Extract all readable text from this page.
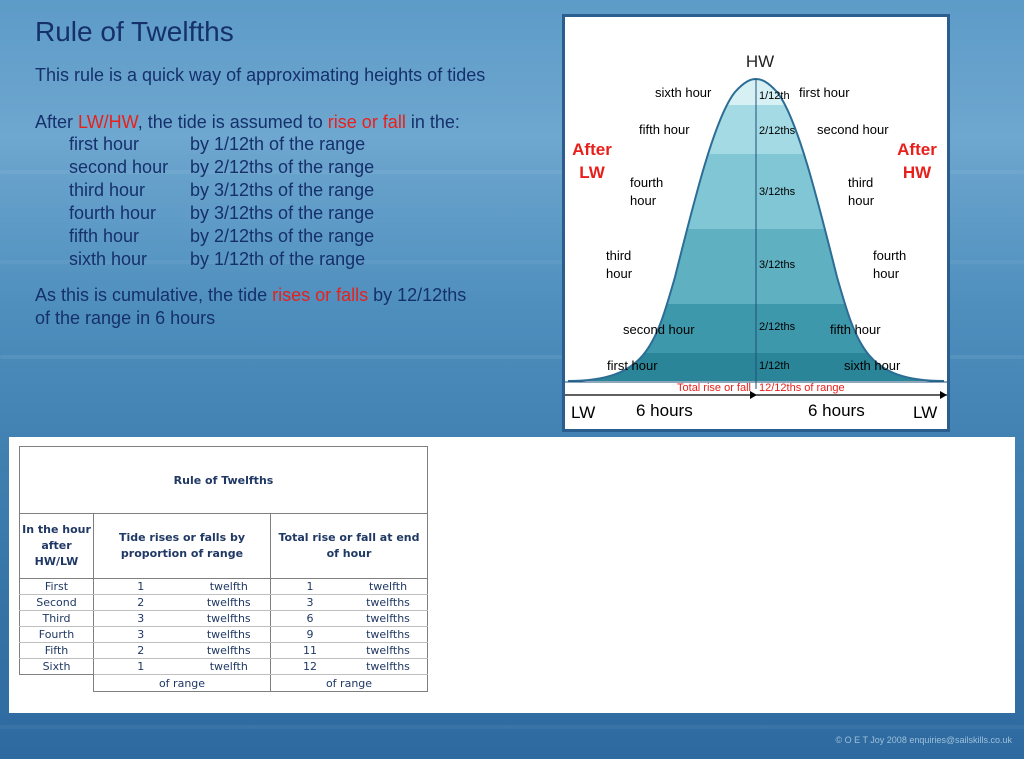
Rule of Twelfths
This rule is a quick way of approximating heights of tides
After LW/HW, the tide is assumed to rise or fall in the:
first hour	by 1/12th of the range
second hour by 2/12ths of the range
third hour by 3/12ths of the range
fourth hour by 3/12ths of the range
fifth hour	by 2/12ths of the range
sixth hour by 1/12th of the range
As this is cumulative, the tide rises or falls by 12/12ths
of the range in 6 hours
HW
After
LW
After
HW
1/12th
2/12ths
3/12ths
3/12ths
2/12ths
1/12th
sixth hour
fifth hour
fourth
hour
third
hour
second hour
first hour
first hour
second hour
third
hour
fourth
hour
fifth hour
sixth hour
Total rise or fall 12/12ths of range
LW 6 hours	6 hours	LW
Rule of Twelfths				
In the hour after HW/LW	Tide rises or falls by proportion of range		Total rise or fall at end of hour	
First	1	twelfth	1	twelfth
Second	2	twelfths	3	twelfths
Third	3	twelfths	6	twelfths
Fourth	3	twelfths	9	twelfths
Fifth	2	twelfths	11	twelfths
Sixth	1	twelfth	12	twelfths
	of range		of range	
© O E T Joy 2008 enquiries@sailskills.co.uk
